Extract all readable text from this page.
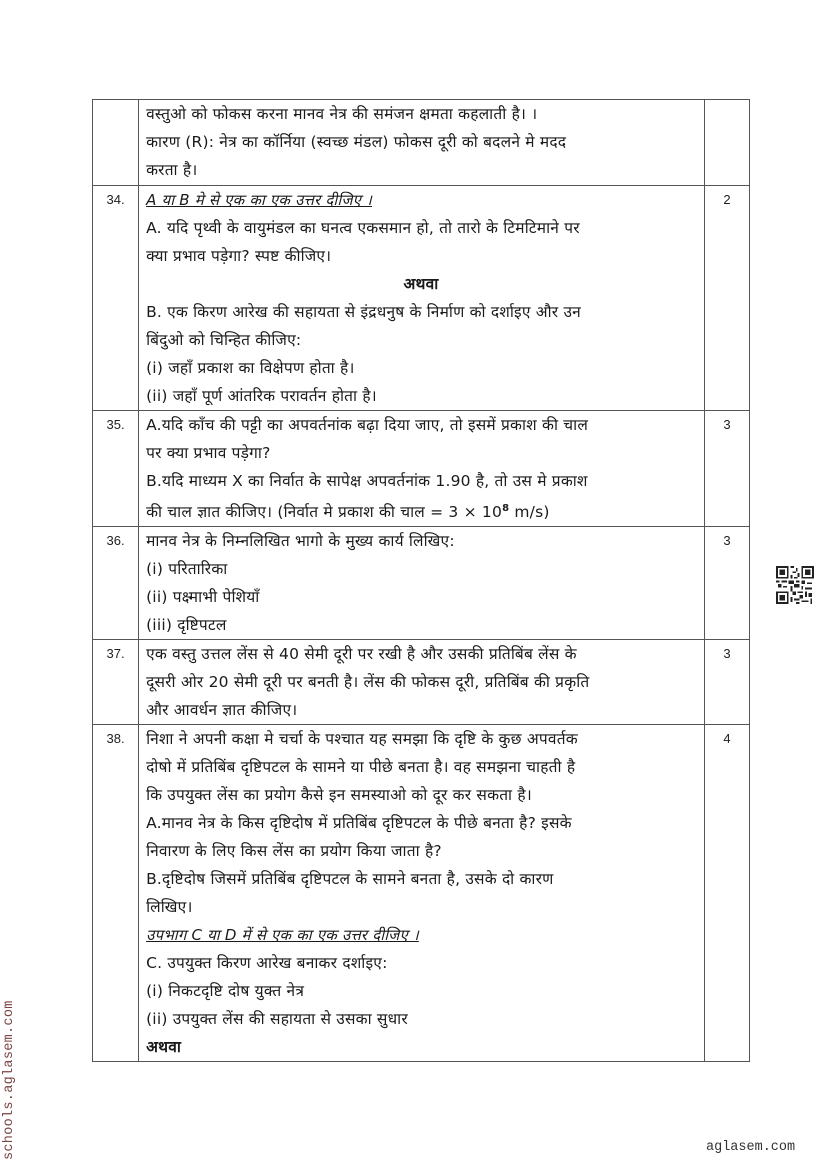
	वस्तुओ को फोकस करना मानव नेत्र की समंजन क्षमता कहलाती है। ।
कारण (R): नेत्र का कॉर्निया (स्वच्छ मंडल) फोकस दूरी को बदलने मे मदद
करता है।	

34.	A या B मे से एक का एक उत्तर दीजिए ।
A. यदि पृथ्वी के वायुमंडल का घनत्व एकसमान हो, तो तारो के टिमटिमाने पर
क्या प्रभाव पड़ेगा? स्पष्ट कीजिए।
अथवा
B. एक किरण आरेख की सहायता से इंद्रधनुष के निर्माण को दर्शाइए और उन
बिंदुओ को चिन्हित कीजिए:
(i) जहाँ प्रकाश का विक्षेपण होता है।
(ii) जहाँ पूर्ण आंतरिक परावर्तन होता है।
	2
35.	A.यदि काँच की पट्टी का अपवर्तनांक बढ़ा दिया जाए, तो इसमें प्रकाश की चाल
पर क्या प्रभाव पड़ेगा?
B.यदि माध्यम X का निर्वात के सापेक्ष अपवर्तनांक 1.90 है, तो उस मे प्रकाश
की चाल ज्ञात कीजिए। (निर्वात मे प्रकाश की चाल = $3 \times 10^8$ m/s)	3
36.	मानव नेत्र के निम्नलिखित भागो के मुख्य कार्य लिखिए:
(i) परितारिका
(ii) पक्ष्माभी पेशियाँ
(iii) दृष्टिपटल	3
37.	एक वस्तु उत्तल लेंस से 40 सेमी दूरी पर रखी है और उसकी प्रतिबिंब लेंस के
दूसरी ओर 20 सेमी दूरी पर बनती है। लेंस की फोकस दूरी, प्रतिबिंब की प्रकृति
और आवर्धन ज्ञात कीजिए।	3
38.	निशा ने अपनी कक्षा मे चर्चा के पश्चात यह समझा कि दृष्टि के कुछ अपवर्तक
दोषो में प्रतिबिंब दृष्टिपटल के सामने या पीछे बनता है। वह समझना चाहती है
कि उपयुक्त लेंस का प्रयोग कैसे इन समस्याओ को दूर कर सकता है।
A.मानव नेत्र के किस दृष्टिदोष में प्रतिबिंब दृष्टिपटल के पीछे बनता है? इसके
निवारण के लिए किस लेंस का प्रयोग किया जाता है?
B.दृष्टिदोष जिसमें प्रतिबिंब दृष्टिपटल के सामने बनता है, उसके दो कारण
लिखिए।
उपभाग C या D में से एक का एक उत्तर दीजिए ।
C. उपयुक्त किरण आरेख बनाकर दर्शाइए:
(i) निकटदृष्टि दोष युक्त नेत्र
(ii) उपयुक्त लेंस की सहायता से उसका सुधार
अथवा
	4
schools.aglasem.com	aglasem.com
